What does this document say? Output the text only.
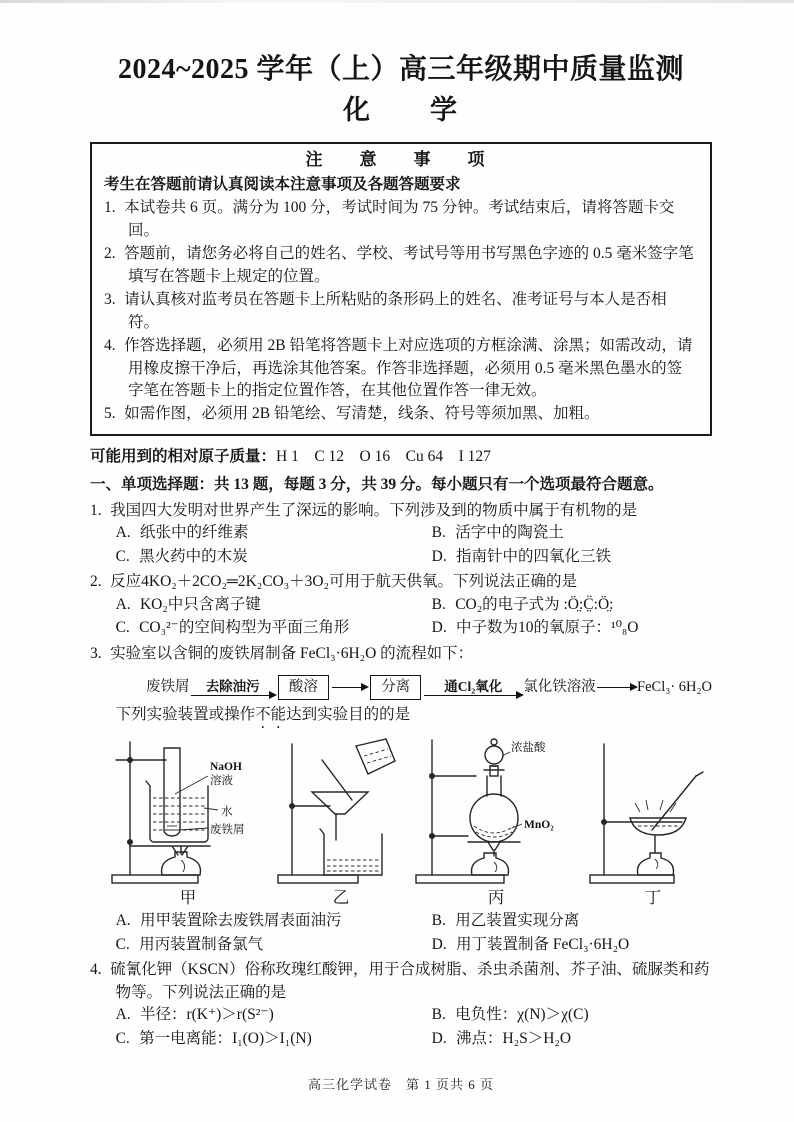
2024~2025 学年（上）高三年级期中质量监测
化　　学
注　意　事　项
考生在答题前请认真阅读本注意事项及各题答题要求
1. 本试卷共 6 页。满分为 100 分，考试时间为 75 分钟。考试结束后，请将答题卡交回。
2. 答题前，请您务必将自己的姓名、学校、考试号等用书写黑色字迹的 0.5 毫米签字笔填写在答题卡上规定的位置。
3. 请认真核对监考员在答题卡上所粘贴的条形码上的姓名、准考证号与本人是否相符。
4. 作答选择题，必须用 2B 铅笔将答题卡上对应选项的方框涂满、涂黑；如需改动，请用橡皮擦干净后，再选涂其他答案。作答非选择题，必须用 0.5 毫米黑色墨水的签字笔在答题卡上的指定位置作答，在其他位置作答一律无效。
5. 如需作图，必须用 2B 铅笔绘、写清楚，线条、符号等须加黑、加粗。
可能用到的相对原子质量：H 1　C 12　O 16　Cu 64　I 127
一、单项选择题：共 13 题，每题 3 分，共 39 分。每小题只有一个选项最符合题意。
1. 我国四大发明对世界产生了深远的影响。下列涉及到的物质中属于有机物的是
A. 纸张中的纤维素	B. 活字中的陶瓷土
C. 黑火药中的木炭	D. 指南针中的四氧化三铁
2. 反应4KO₂＋2CO₂═2K₂CO₃＋3O₂可用于航天供氧。下列说法正确的是
A. KO₂中只含离子键	B. CO₂的电子式为 :Ö̤:C̤̈:Ö̤:
C. CO₃²⁻的空间构型为平面三角形	D. 中子数为10的氧原子：¹⁰₈O
3. 实验室以含铜的废铁屑制备 FeCl₃·6H₂O 的流程如下：
废铁屑 去除油污	酸溶	分离	通Cl₂氧化 氯化铁溶液	FeCl₃· 6H₂O
下列实验装置或操作不能达到实验目的的是
NaOH
溶液
水
废铁屑
甲	乙
浓盐酸
MnO₂
丙	丁
A. 用甲装置除去废铁屑表面油污	B. 用乙装置实现分离
C. 用丙装置制备氯气	D. 用丁装置制备 FeCl₃·6H₂O
4. 硫氰化钾（KSCN）俗称玫瑰红酸钾，用于合成树脂、杀虫杀菌剂、芥子油、硫脲类和药物等。下列说法正确的是
A. 半径：r(K⁺)＞r(S²⁻)	B. 电负性：χ(N)＞χ(C)
C. 第一电离能：I₁(O)＞I₁(N)	D. 沸点：H₂S＞H₂O
高三化学试卷　第 1 页共 6 页
